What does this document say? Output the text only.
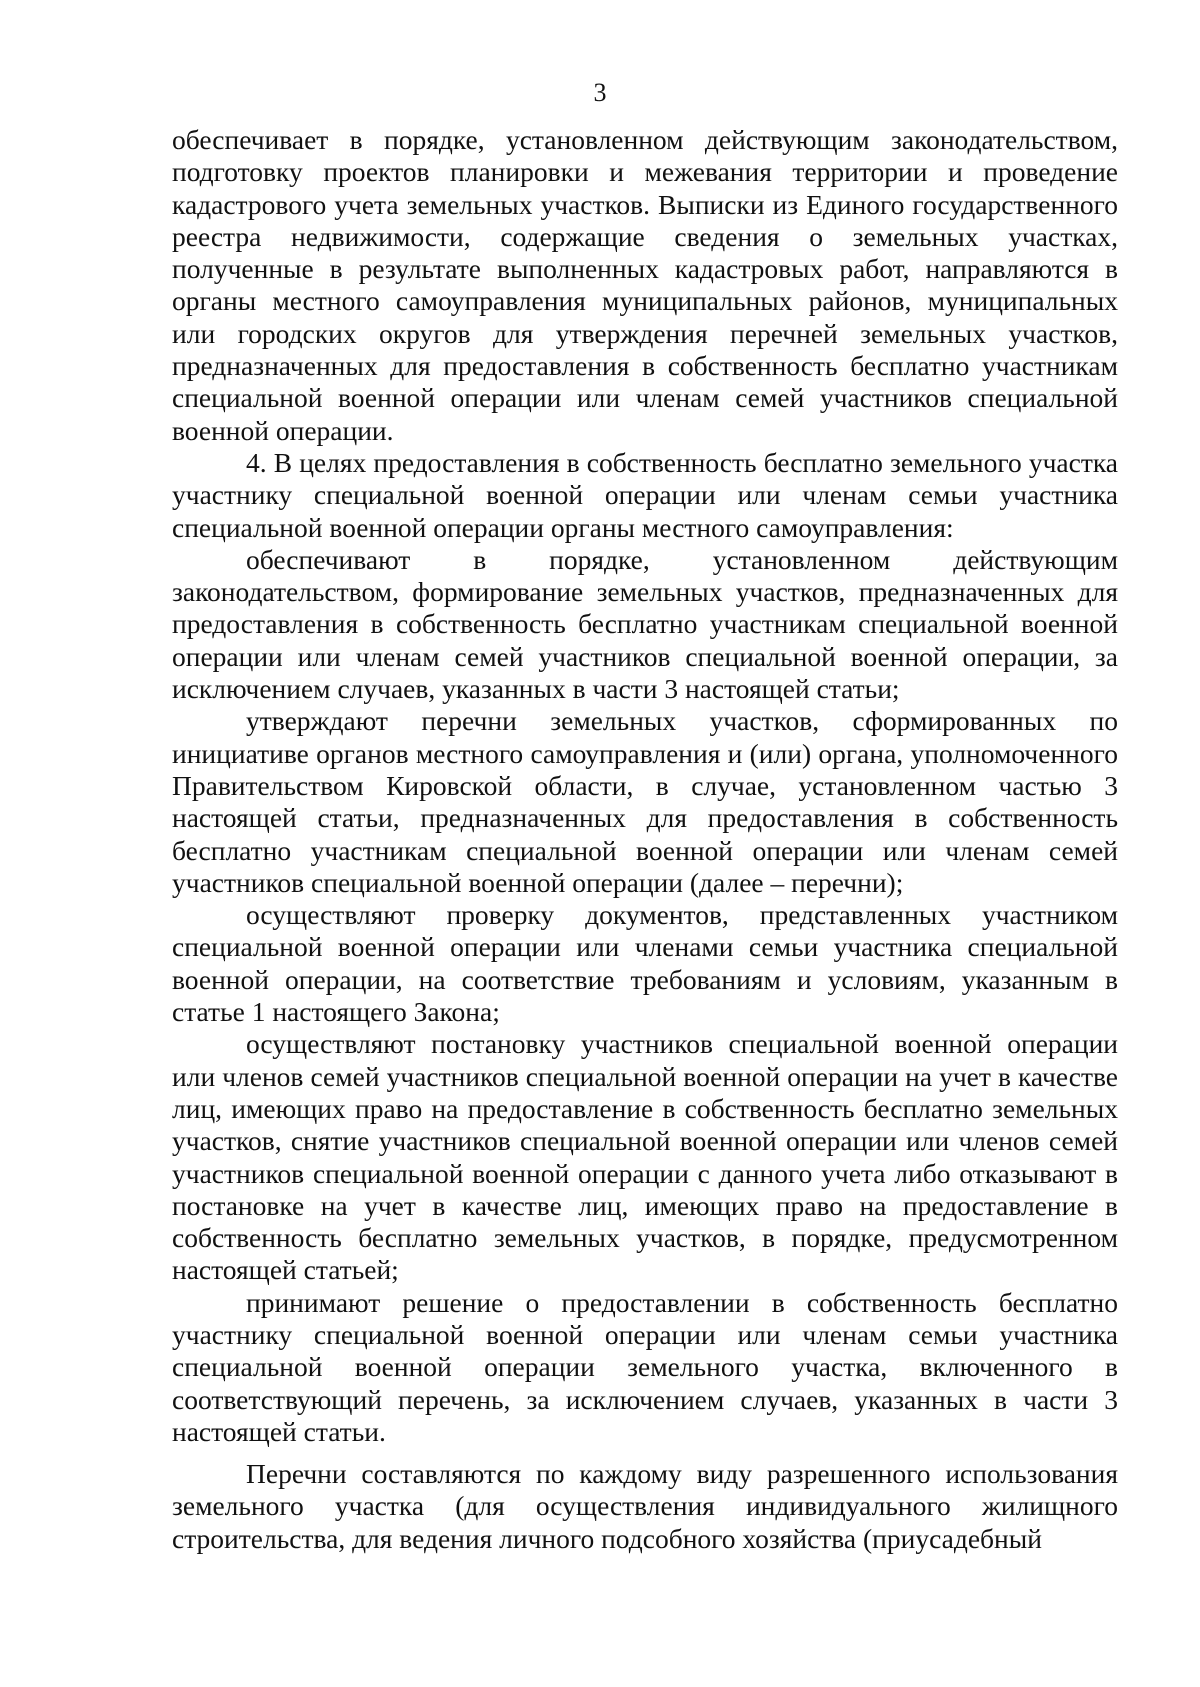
3

обеспечивает в порядке, установленном действующим законодательством, подготовку проектов планировки и межевания территории и проведение кадастрового учета земельных участков. Выписки из Единого государственного реестра недвижимости, содержащие сведения о земельных участках, полученные в результате выполненных кадастровых работ, направляются в органы местного самоуправления муниципальных районов, муниципальных или городских округов для утверждения перечней земельных участков, предназначенных для предоставления в собственность бесплатно участникам специальной военной операции или членам семей участников специальной военной операции.

4. В целях предоставления в собственность бесплатно земельного участка участнику специальной военной операции или членам семьи участника специальной военной операции органы местного самоуправления:

обеспечивают в порядке, установленном действующим законодательством, формирование земельных участков, предназначенных для предоставления в собственность бесплатно участникам специальной военной операции или членам семей участников специальной военной операции, за исключением случаев, указанных в части 3 настоящей статьи;

утверждают перечни земельных участков, сформированных по инициативе органов местного самоуправления и (или) органа, уполномоченного Правительством Кировской области, в случае, установленном частью 3 настоящей статьи, предназначенных для предоставления в собственность бесплатно участникам специальной военной операции или членам семей участников специальной военной операции (далее – перечни);

осуществляют проверку документов, представленных участником специальной военной операции или членами семьи участника специальной военной операции, на соответствие требованиям и условиям, указанным в статье 1 настоящего Закона;

осуществляют постановку участников специальной военной операции или членов семей участников специальной военной операции на учет в качестве лиц, имеющих право на предоставление в собственность бесплатно земельных участков, снятие участников специальной военной операции или членов семей участников специальной военной операции с данного учета либо отказывают в постановке на учет в качестве лиц, имеющих право на предоставление в собственность бесплатно земельных участков, в порядке, предусмотренном настоящей статьей;

принимают решение о предоставлении в собственность бесплатно участнику специальной военной операции или членам семьи участника специальной военной операции земельного участка, включенного в соответствующий перечень, за исключением случаев, указанных в части 3 настоящей статьи.

Перечни составляются по каждому виду разрешенного использования земельного участка (для осуществления индивидуального жилищного строительства, для ведения личного подсобного хозяйства (приусадебный
